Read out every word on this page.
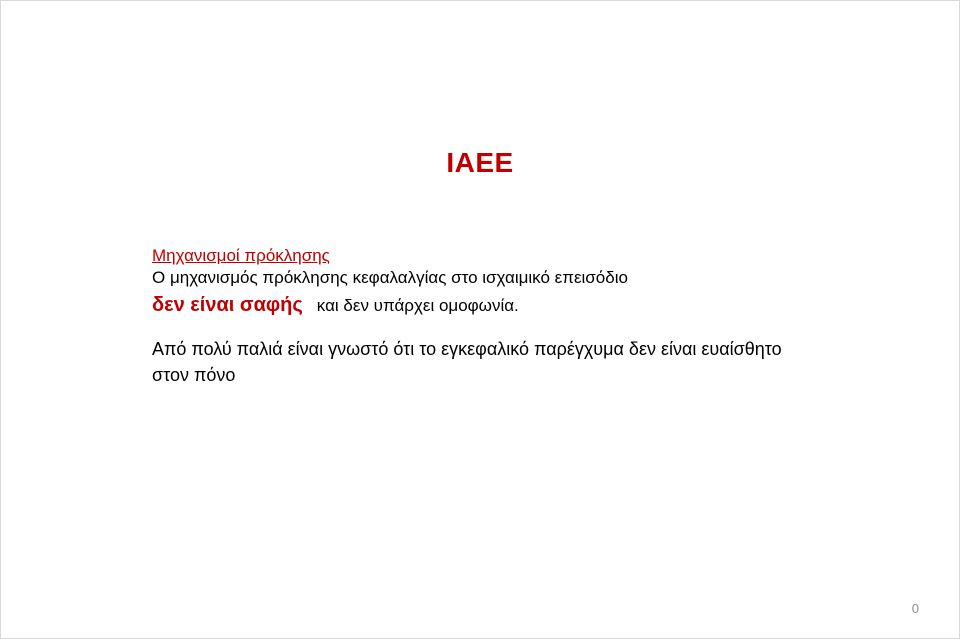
IAEE

Μηχανισμοί πρόκλησης

Ο μηχανισμός πρόκλησης κεφαλαλγίας στο ισχαιμικό επεισόδιο

δεν είναι σαφής και δεν υπάρχει ομοφωνία.

Από πολύ παλιά είναι γνωστό ότι το εγκεφαλικό παρέγχυμα δεν είναι ευαίσθητο

στον πόνο

0
